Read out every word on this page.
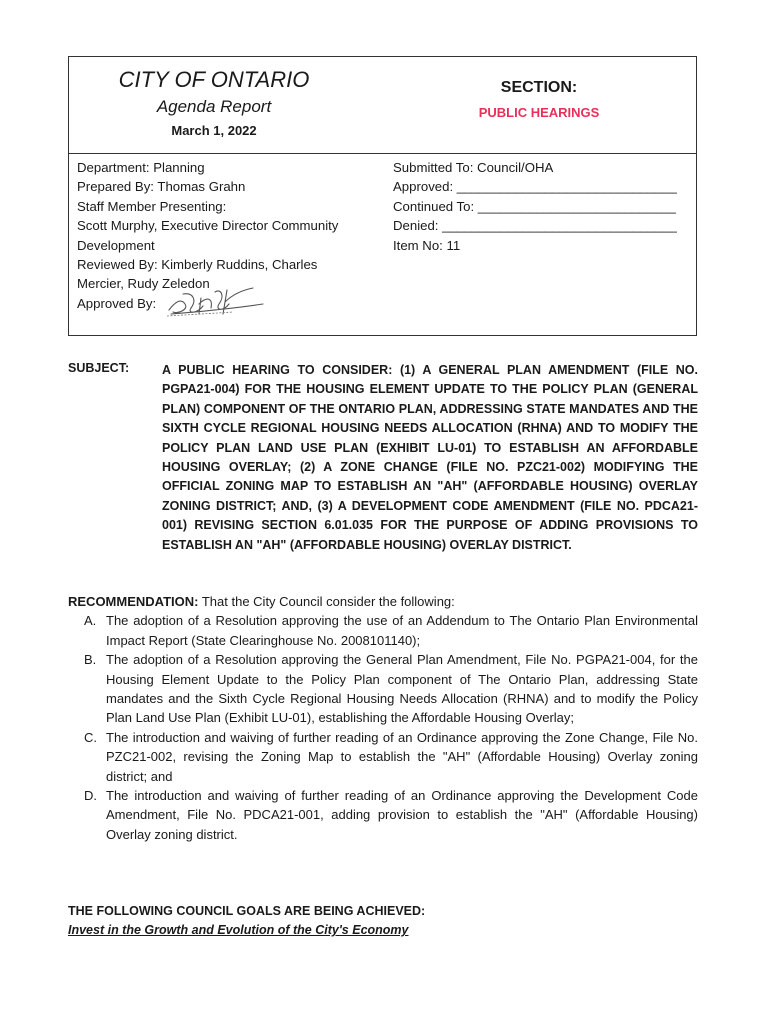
CITY OF ONTARIO
Agenda Report
March 1, 2022
SECTION:
PUBLIC HEARINGS
Department: Planning
Prepared By: Thomas Grahn
Staff Member Presenting:
Scott Murphy, Executive Director Community
Development
Reviewed By: Kimberly Ruddins, Charles
Mercier, Rudy Zeledon
Approved By:
Submitted To: Council/OHA
Approved: ______________________________
Continued To: ___________________________
Denied: ________________________________
Item No: 11
SUBJECT:	A PUBLIC HEARING TO CONSIDER: (1) A GENERAL PLAN AMENDMENT (FILE NO. PGPA21-004) FOR THE HOUSING ELEMENT UPDATE TO THE POLICY PLAN (GENERAL PLAN) COMPONENT OF THE ONTARIO PLAN, ADDRESSING STATE MANDATES AND THE SIXTH CYCLE REGIONAL HOUSING NEEDS ALLOCATION (RHNA) AND TO MODIFY THE POLICY PLAN LAND USE PLAN (EXHIBIT LU-01) TO ESTABLISH AN AFFORDABLE HOUSING OVERLAY; (2) A ZONE CHANGE (FILE NO. PZC21-002) MODIFYING THE OFFICIAL ZONING MAP TO ESTABLISH AN "AH" (AFFORDABLE HOUSING) OVERLAY ZONING DISTRICT; AND, (3) A DEVELOPMENT CODE AMENDMENT (FILE NO. PDCA21-001) REVISING SECTION 6.01.035 FOR THE PURPOSE OF ADDING PROVISIONS TO ESTABLISH AN "AH" (AFFORDABLE HOUSING) OVERLAY DISTRICT.
RECOMMENDATION: That the City Council consider the following:
A. The adoption of a Resolution approving the use of an Addendum to The Ontario Plan Environmental Impact Report (State Clearinghouse No. 2008101140);
B. The adoption of a Resolution approving the General Plan Amendment, File No. PGPA21-004, for the Housing Element Update to the Policy Plan component of The Ontario Plan, addressing State mandates and the Sixth Cycle Regional Housing Needs Allocation (RHNA) and to modify the Policy Plan Land Use Plan (Exhibit LU-01), establishing the Affordable Housing Overlay;
C. The introduction and waiving of further reading of an Ordinance approving the Zone Change, File No. PZC21-002, revising the Zoning Map to establish the "AH" (Affordable Housing) Overlay zoning district; and
D. The introduction and waiving of further reading of an Ordinance approving the Development Code Amendment, File No. PDCA21-001, adding provision to establish the "AH" (Affordable Housing) Overlay zoning district.
THE FOLLOWING COUNCIL GOALS ARE BEING ACHIEVED:
Invest in the Growth and Evolution of the City's Economy
